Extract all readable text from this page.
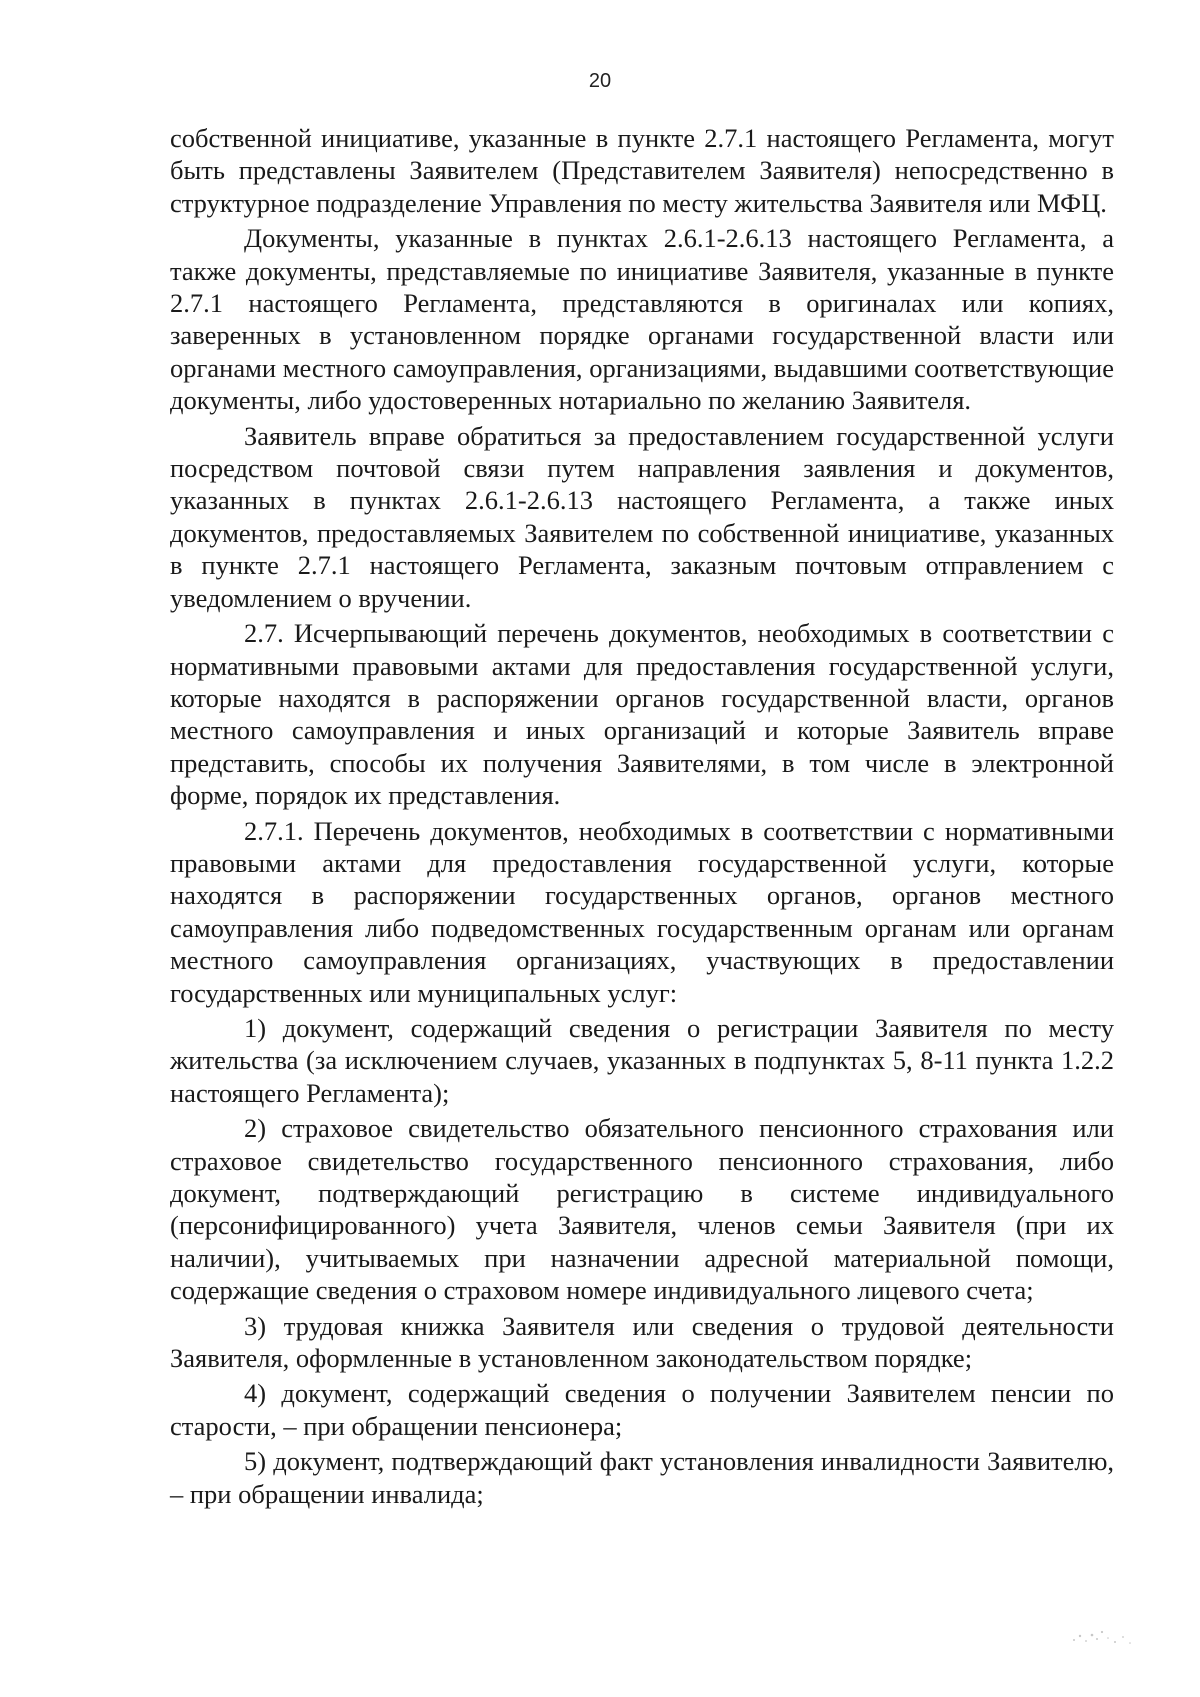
20

собственной инициативе, указанные в пункте 2.7.1 настоящего Регламента, могут быть представлены Заявителем (Представителем Заявителя) непосредственно в структурное подразделение Управления по месту жительства Заявителя или МФЦ.

Документы, указанные в пунктах 2.6.1-2.6.13 настоящего Регламента, а также документы, представляемые по инициативе Заявителя, указанные в пункте 2.7.1 настоящего Регламента, представляются в оригиналах или копиях, заверенных в установленном порядке органами государственной власти или органами местного самоуправления, организациями, выдавшими соответствующие документы, либо удостоверенных нотариально по желанию Заявителя.

Заявитель вправе обратиться за предоставлением государственной услуги посредством почтовой связи путем направления заявления и документов, указанных в пунктах 2.6.1-2.6.13 настоящего Регламента, а также иных документов, предоставляемых Заявителем по собственной инициативе, указанных в пункте 2.7.1 настоящего Регламента, заказным почтовым отправлением с уведомлением о вручении.

2.7. Исчерпывающий перечень документов, необходимых в соответствии с нормативными правовыми актами для предоставления государственной услуги, которые находятся в распоряжении органов государственной власти, органов местного самоуправления и иных организаций и которые Заявитель вправе представить, способы их получения Заявителями, в том числе в электронной форме, порядок их представления.

2.7.1. Перечень документов, необходимых в соответствии с нормативными правовыми актами для предоставления государственной услуги, которые находятся в распоряжении государственных органов, органов местного самоуправления либо подведомственных государственным органам или органам местного самоуправления организациях, участвующих в предоставлении государственных или муниципальных услуг:

1) документ, содержащий сведения о регистрации Заявителя по месту жительства (за исключением случаев, указанных в подпунктах 5, 8-11 пункта 1.2.2 настоящего Регламента);

2) страховое свидетельство обязательного пенсионного страхования или страховое свидетельство государственного пенсионного страхования, либо документ, подтверждающий регистрацию в системе индивидуального (персонифицированного) учета Заявителя, членов семьи Заявителя (при их наличии), учитываемых при назначении адресной материальной помощи, содержащие сведения о страховом номере индивидуального лицевого счета;

3) трудовая книжка Заявителя или сведения о трудовой деятельности Заявителя, оформленные в установленном законодательством порядке;

4) документ, содержащий сведения о получении Заявителем пенсии по старости, – при обращении пенсионера;

5) документ, подтверждающий факт установления инвалидности Заявителю, – при обращении инвалида;
